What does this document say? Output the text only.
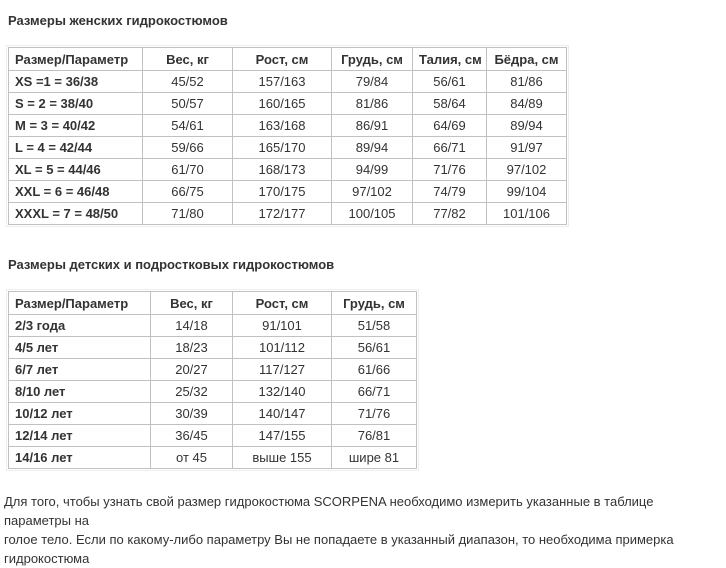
Размеры женских гидрокостюмов
Размер/Параметр	Вес, кг	Рост, см	Грудь, см	Талия, см	Бёдра, см
XS =1 = 36/38	45/52	157/163	79/84	56/61	81/86
S = 2 = 38/40	50/57	160/165	81/86	58/64	84/89
M = 3 = 40/42	54/61	163/168	86/91	64/69	89/94
L = 4 = 42/44	59/66	165/170	89/94	66/71	91/97
XL = 5 = 44/46	61/70	168/173	94/99	71/76	97/102
XXL = 6 = 46/48	66/75	170/175	97/102	74/79	99/104
XXXL = 7 = 48/50	71/80	172/177	100/105	77/82	101/106
Размеры детских и подростковых гидрокостюмов
Размер/Параметр	Вес, кг	Рост, см	Грудь, см
2/3 года	14/18	91/101	51/58
4/5 лет	18/23	101/112	56/61
6/7 лет	20/27	117/127	61/66
8/10 лет	25/32	132/140	66/71
10/12 лет	30/39	140/147	71/76
12/14 лет	36/45	147/155	76/81
14/16 лет	от 45	выше 155	шире 81
Для того, чтобы узнать свой размер гидрокостюма SCORPENA необходимо измерить указанные в таблице параметры на
голое тело. Если по какому-либо параметру Вы не попадаете в указанный диапазон, то необходима примерка гидрокостюма
